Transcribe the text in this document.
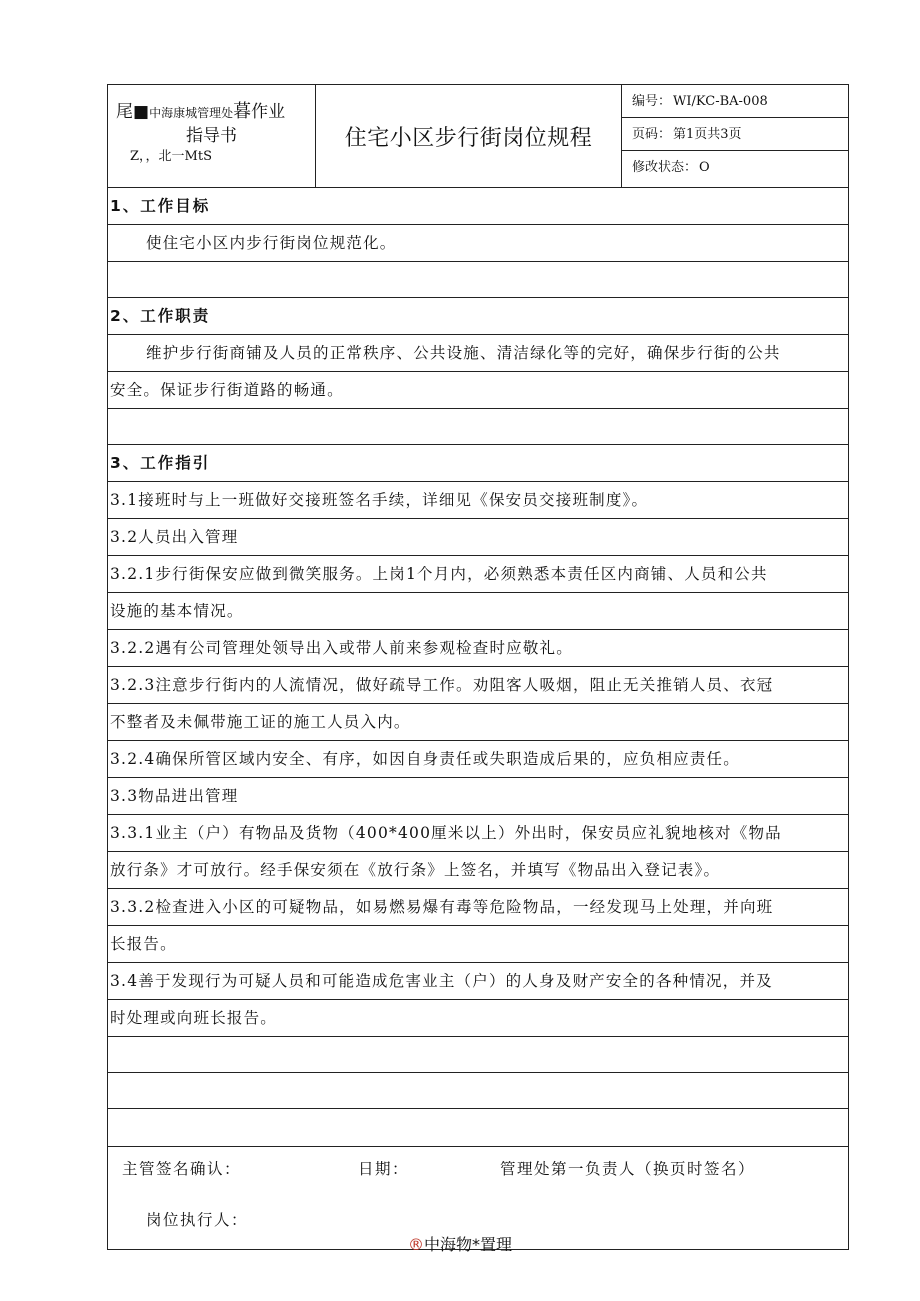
尾■中海康城管理处暮作业
指导书
Z，，北一MtS
住宅小区步行街岗位规程
编号： WI/KC-BA-008
页码： 第1页共3页
修改状态： O
1、工作目标
使住宅小区内步行街岗位规范化。
2、工作职责
维护步行街商铺及人员的正常秩序、公共设施、清洁绿化等的完好，确保步行街的公共
安全。保证步行街道路的畅通。
3、工作指引
3.1接班时与上一班做好交接班签名手续，详细见《保安员交接班制度》。
3.2人员出入管理
3.2.1步行街保安应做到微笑服务。上岗1个月内，必须熟悉本责任区内商铺、人员和公共
设施的基本情况。
3.2.2遇有公司管理处领导出入或带人前来参观检查时应敬礼。
3.2.3注意步行街内的人流情况，做好疏导工作。劝阻客人吸烟，阻止无关推销人员、衣冠
不整者及未佩带施工证的施工人员入内。
3.2.4确保所管区域内安全、有序，如因自身责任或失职造成后果的，应负相应责任。
3.3物品进出管理
3.3.1业主（户）有物品及货物（400*400厘米以上）外出时，保安员应礼貌地核对《物品
放行条》才可放行。经手保安须在《放行条》上签名，并填写《物品出入登记表》。
3.3.2检查进入小区的可疑物品，如易燃易爆有毒等危险物品，一经发现马上处理，并向班
长报告。
3.4善于发现行为可疑人员和可能造成危害业主（户）的人身及财产安全的各种情况，并及
时处理或向班长报告。
主管签名确认：	日期：	管理处第一负责人（换页时签名）
岗位执行人：
®中海物*置理
